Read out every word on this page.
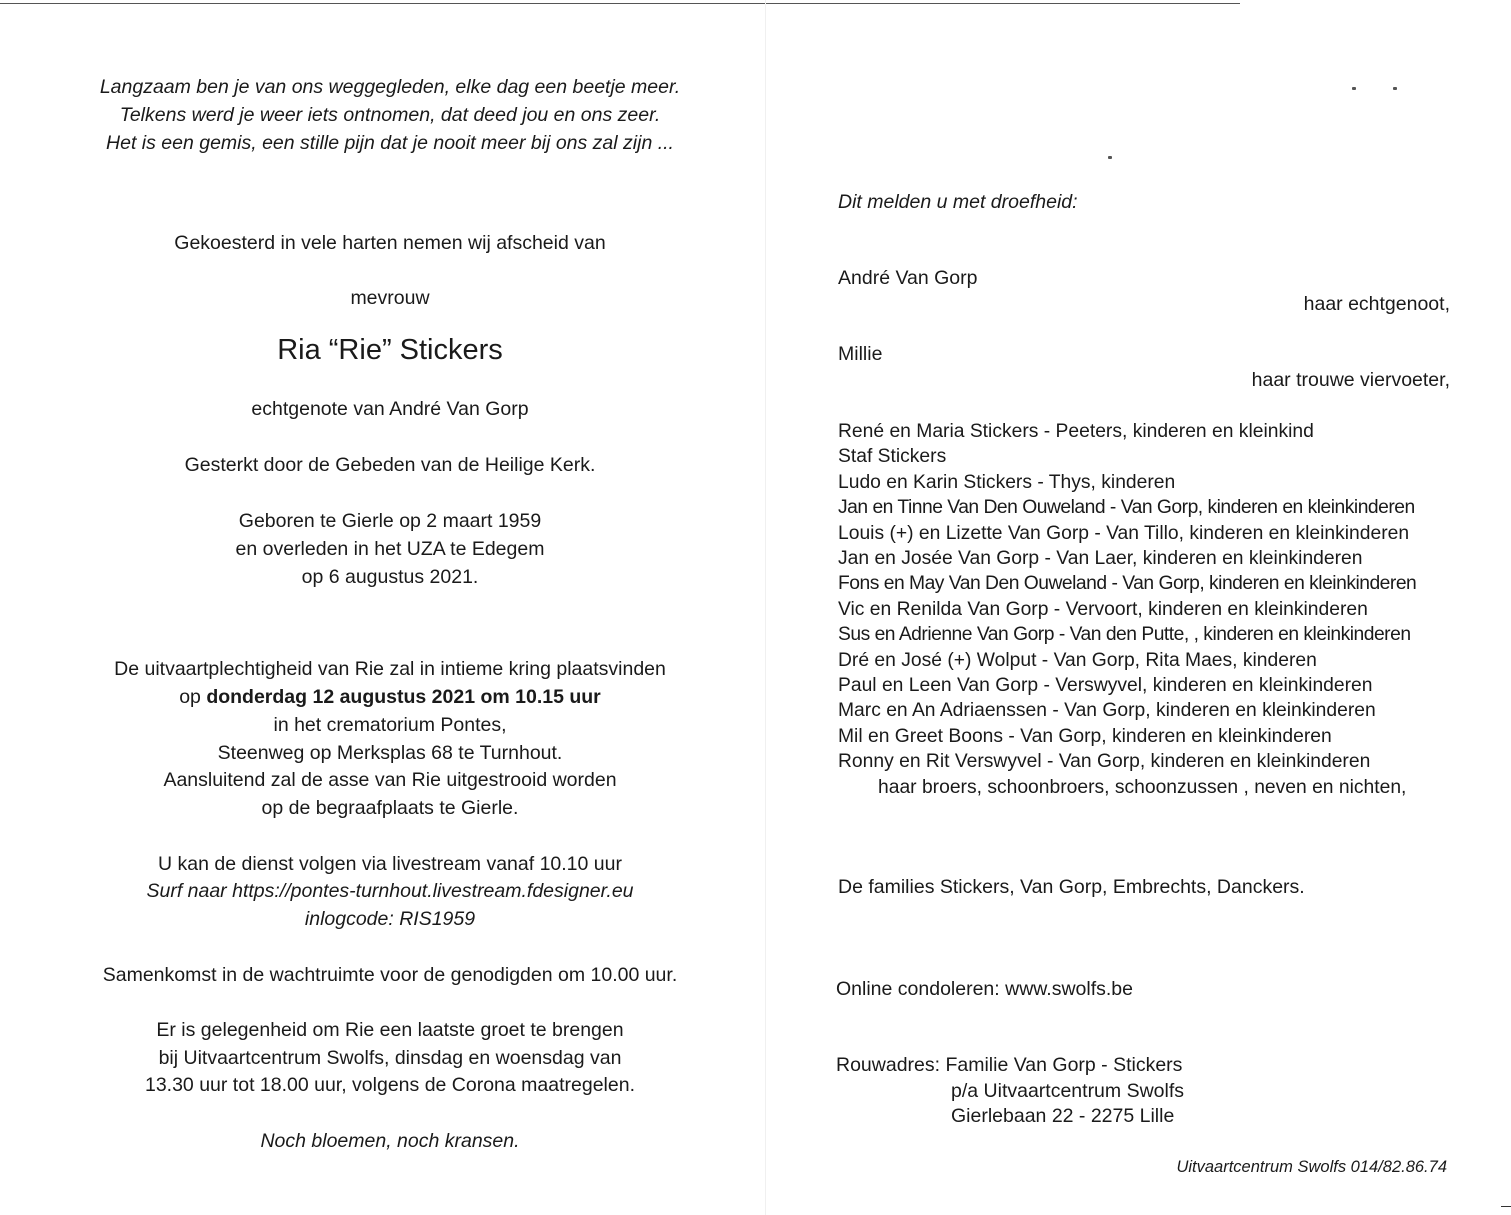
Langzaam ben je van ons weggegleden, elke dag een beetje meer.

Telkens werd je weer iets ontnomen, dat deed jou en ons zeer.

Het is een gemis, een stille pijn dat je nooit meer bij ons zal zijn ...

Gekoesterd in vele harten nemen wij afscheid van

mevrouw

Ria “Rie” Stickers

echtgenote van André Van Gorp

Gesterkt door de Gebeden van de Heilige Kerk.

Geboren te Gierle op 2 maart 1959

en overleden in het UZA te Edegem

op 6 augustus 2021.

De uitvaartplechtigheid van Rie zal in intieme kring plaatsvinden

op donderdag 12 augustus 2021 om 10.15 uur

in het crematorium Pontes,

Steenweg op Merksplas 68 te Turnhout.

Aansluitend zal de asse van Rie uitgestrooid worden

op de begraafplaats te Gierle.

U kan de dienst volgen via livestream vanaf 10.10 uur

Surf naar https://pontes-turnhout.livestream.fdesigner.eu

inlogcode: RIS1959

Samenkomst in de wachtruimte voor de genodigden om 10.00 uur.

Er is gelegenheid om Rie een laatste groet te brengen

bij Uitvaartcentrum Swolfs, dinsdag en woensdag van

13.30 uur tot 18.00 uur, volgens de Corona maatregelen.

Noch bloemen, noch kransen.

Dit melden u met droefheid:

André Van Gorp

haar echtgenoot,

Millie

haar trouwe viervoeter,

René en Maria Stickers - Peeters, kinderen en kleinkind
Staf Stickers
Ludo en Karin Stickers - Thys, kinderen
Jan en Tinne Van Den Ouweland - Van Gorp, kinderen en kleinkinderen
Louis (+) en Lizette Van Gorp - Van Tillo, kinderen en kleinkinderen
Jan en Josée Van Gorp - Van Laer, kinderen en kleinkinderen
Fons en May Van Den Ouweland - Van Gorp, kinderen en kleinkinderen
Vic en Renilda Van Gorp - Vervoort, kinderen en kleinkinderen
Sus en Adrienne Van Gorp - Van den Putte, , kinderen en kleinkinderen
Dré en José (+) Wolput - Van Gorp, Rita Maes, kinderen
Paul en Leen Van Gorp - Verswyvel, kinderen en kleinkinderen
Marc en An Adriaenssen - Van Gorp, kinderen en kleinkinderen
Mil en Greet Boons - Van Gorp, kinderen en kleinkinderen
Ronny en Rit Verswyvel - Van Gorp, kinderen en kleinkinderen
haar broers, schoonbroers, schoonzussen , neven en nichten,

De families Stickers, Van Gorp, Embrechts, Danckers.

Online condoleren: www.swolfs.be

Rouwadres: Familie Van Gorp - Stickers
p/a Uitvaartcentrum Swolfs
Gierlebaan 22 - 2275 Lille
Uitvaartcentrum Swolfs 014/82.86.74
